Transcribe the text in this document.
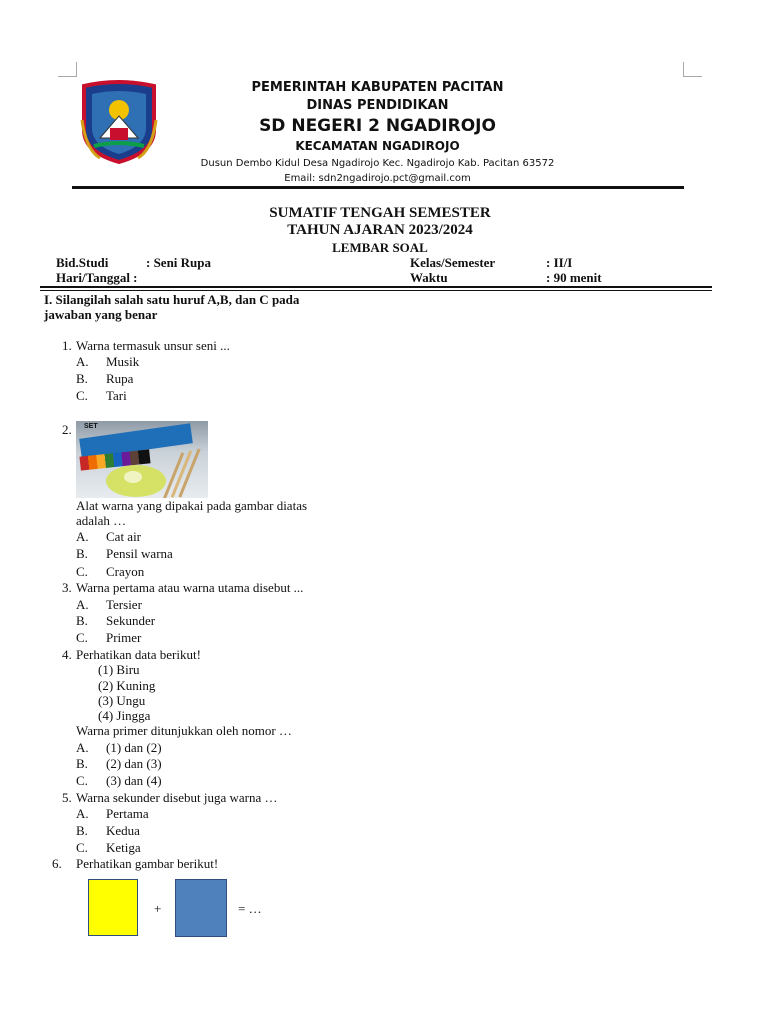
PEMERINTAH KABUPATEN PACITAN
DINAS PENDIDIKAN
SD NEGERI 2 NGADIROJO
KECAMATAN NGADIROJO
Dusun Dembo Kidul Desa Ngadirojo Kec. Ngadirojo Kab. Pacitan 63572
Email: sdn2ngadirojo.pct@gmail.com
SUMATIF TENGAH SEMESTER
TAHUN AJARAN 2023/2024
LEMBAR SOAL
Bid.Studi	: Seni Rupa	Kelas/Semester	: II/I
Hari/Tanggal :	Waktu	: 90 menit
I. Silangilah salah satu huruf A,B, dan C pada
jawaban yang benar
1. Warna termasuk unsur seni ...
A. Musik
B. Rupa
C. Tari
2. SET
Alat warna yang dipakai pada gambar diatas
adalah …
A. Cat air
B. Pensil warna
C. Crayon
3. Warna pertama atau warna utama disebut ...
A. Tersier
B. Sekunder
C. Primer
4. Perhatikan data berikut!
(1) Biru
(2) Kuning
(3) Ungu
(4) Jingga
Warna primer ditunjukkan oleh nomor …
A. (1) dan (2)
B. (2) dan (3)
C. (3) dan (4)
5. Warna sekunder disebut juga warna …
A. Pertama
B. Kedua
C. Ketiga
6. Perhatikan gambar berikut!
+	= …
